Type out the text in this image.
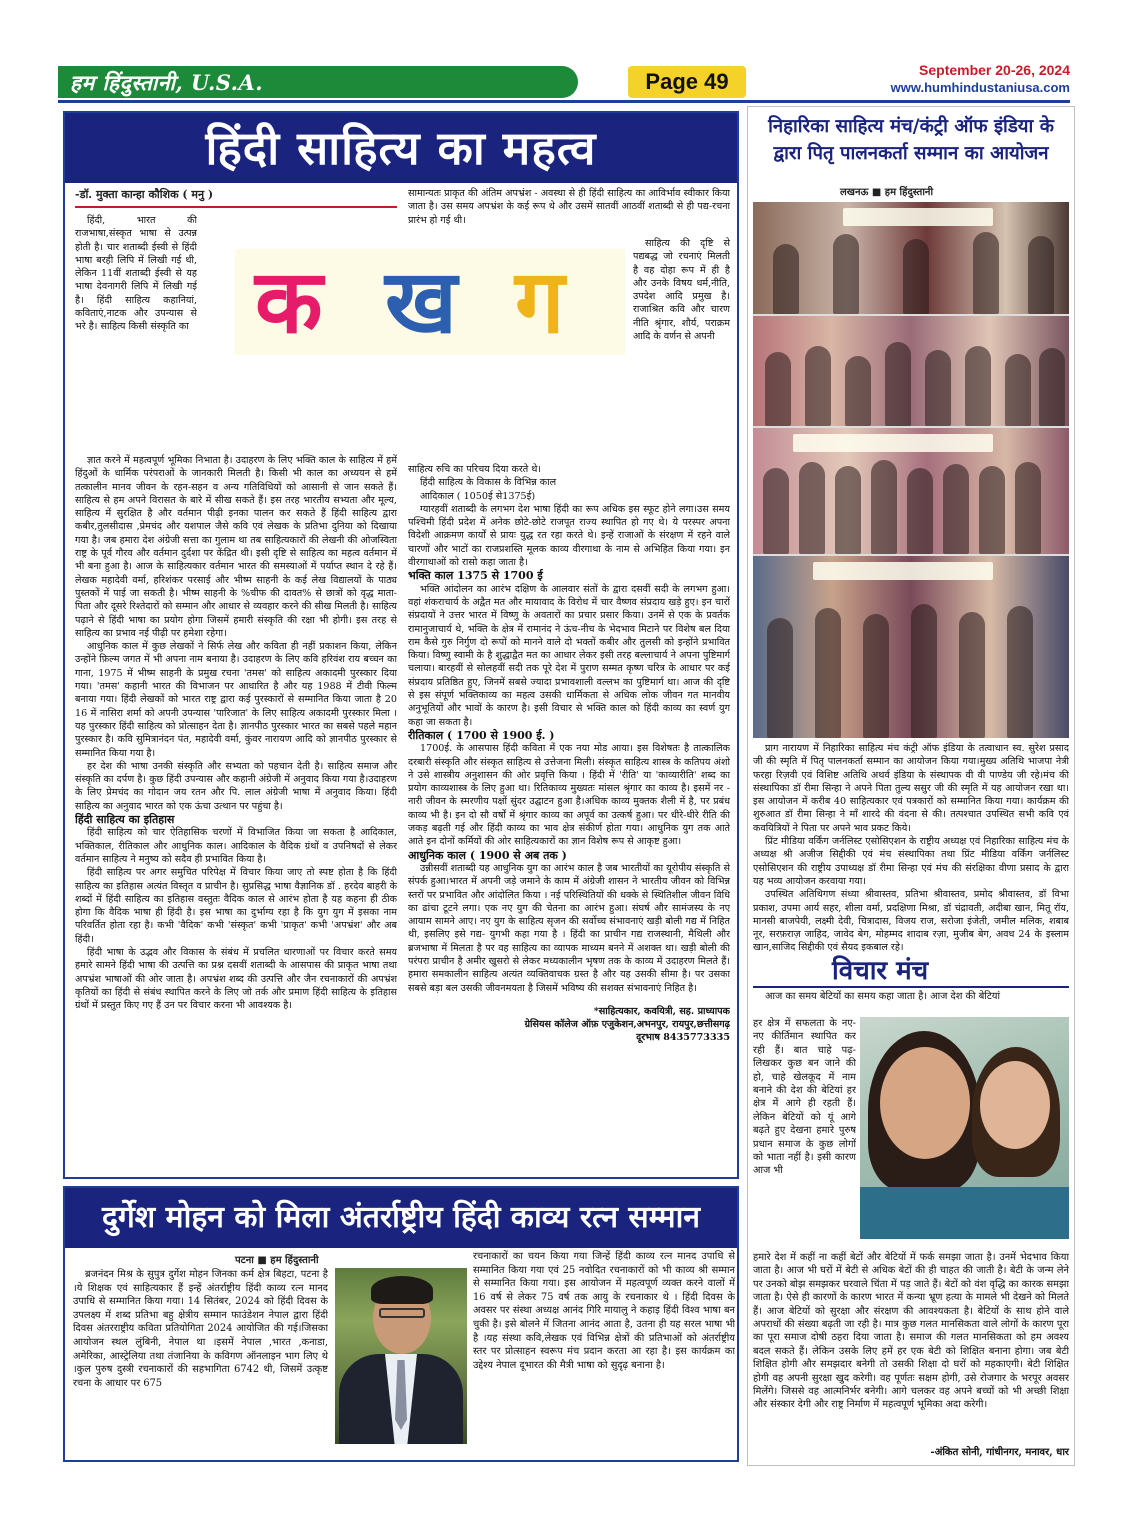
हम हिंदुस्तानी, U.S.A.	Page 49	September 20-26, 2024
www.humhindustaniusa.com
हिंदी साहित्य का महत्व
-डॉ. मुक्ता कान्हा कौशिक ( मनु )

हिंदी, भारत की राजभाषा,संस्कृत भाषा से उत्पन्न होती है। चार शताब्दी ईस्वी से हिंदी भाषा बरही लिपि में लिखी गई थी, लेकिन 11वीं शताब्दी ईस्वी से यह भाषा देवनागरी लिपि में लिखी गई है। हिंदी साहित्य कहानियां, कविताएं,नाटक और उपन्यास से भरे है। साहित्य किसी संस्कृति का क ख ग

ज्ञात करने में महत्वपूर्ण भूमिका निभाता है। उदाहरण के लिए भक्ति काल के साहित्य में हमें हिंदुओं के धार्मिक परंपराओं के जानकारी मिलती है। किसी भी काल का अध्ययन से हमें तत्कालीन मानव जीवन के रहन-सहन व अन्य गतिविधियों को आसानी से जान सकते हैं। साहित्य से हम अपने विरासत के बारे में सीख सकते हैं। इस तरह भारतीय सभ्यता और मूल्य, साहित्य में सुरक्षित है और वर्तमान पीढ़ी इनका पालन कर सकते हैं हिंदी साहित्य द्वारा कबीर,तुलसीदास ,प्रेमचंद और यशपाल जैसे कवि एवं लेखक के प्रतिभा दुनिया को दिखाया गया है। जब हमारा देश अंग्रेजी सत्ता का गुलाम था तब साहित्यकारों की लेखनी की ओजस्विता राष्ट्र के पूर्व गौरव और वर्तमान दुर्दशा पर केंद्रित थी। इसी दृष्टि से साहित्य का महत्व वर्तमान में भी बना हुआ है। आज के साहित्यकार वर्तमान भारत की समस्याओं में पर्याप्त स्थान दे रहे हैं। लेखक महादेवी वर्मा, हरिशंकर परसाई और भीष्म साहनी के कई लेख विद्यालयों के पाठ्य पुस्तकों में पाई जा सकती है। भीष्म साहनी के %चीफ की दावत% से छात्रों को वृद्ध माता-पिता और दूसरे रिश्तेदारों को सम्मान और आधार से व्यवहार करने की सीख मिलती है। साहित्य पढ़ाने से हिंदी भाषा का प्रयोग होगा जिसमें हमारी संस्कृति की रक्षा भी होगी। इस तरह से साहित्य का प्रभाव नई पीढ़ी पर हमेशा रहेगा।

आधुनिक काल में कुछ लेखकों ने सिर्फ लेख और कविता ही नहीं प्रकाशन किया, लेकिन उन्होंने फ़िल्म जगत में भी अपना नाम बनाया है। उदाहरण के लिए कवि हरिवंश राय बच्चन का गाना, 1975 में भीष्म साहनी के प्रमुख रचना 'तमस' को साहित्य अकादमी पुरस्कार दिया गया। 'तमस' कहानी भारत की विभाजन पर आधारित है और यह 1988 में टीवी फिल्म बनाया गया। हिंदी लेखकों को भारत राष्ट्र द्वारा कई पुरस्कारों से सम्मानित किया जाता है 20 16 में नासिरा शर्मा को अपनी उपन्यास 'पारिजात' के लिए साहित्य अकादमी पुरस्कार मिला ।यह पुरस्कार हिंदी साहित्य को प्रोत्साहन देता है। ज्ञानपीठ पुरस्कार भारत का सबसे पहले महान पुरस्कार है। कवि सुमित्रानंदन पंत, महादेवी वर्मा, कुंवर नारायण आदि को ज्ञानपीठ पुरस्कार से सम्मानित किया गया है।

हर देश की भाषा उनकी संस्कृति और सभ्यता को पहचान देती है। साहित्य समाज और संस्कृति का दर्पण है। कुछ हिंदी उपन्यास और कहानी अंग्रेजी में अनुवाद किया गया है।उदाहरण के लिए प्रेमचंद का गोदान जय रतन और पि. लाल अंग्रेजी भाषा में अनुवाद किया। हिंदी साहित्य का अनुवाद भारत को एक ऊंचा उत्थान पर पहुंचा है।

हिंदी साहित्य का इतिहास

हिंदी साहित्य को चार ऐतिहासिक चरणों में विभाजित किया जा सकता है आदिकाल, भक्तिकाल, रीतिकाल और आधुनिक काल। आदिकाल के वैदिक ग्रंथों व उपनिषदों से लेकर वर्तमान साहित्य ने मनुष्य को सदैव ही प्रभावित किया है।

हिंदी साहित्य पर अगर समुचित परिपेक्ष में विचार किया जाए तो स्पष्ट होता है कि हिंदी साहित्य का इतिहास अत्यंत विस्तृत व प्राचीन है। सुप्रसिद्ध भाषा वैज्ञानिक डॉ . हरदेव बाहरी के शब्दों में हिंदी साहित्य का इतिहास वस्तुतः वैदिक काल से आरंभ होता है यह कहना ही ठीक होगा कि वैदिक भाषा ही हिंदी है। इस भाषा का दुर्भाग्य रहा है कि युग युग में इसका नाम परिवर्तित होता रहा है। कभी 'वैदिक' कभी 'संस्कृत' कभी 'प्राकृत' कभी 'अपभ्रंश' और अब हिंदी।

हिंदी भाषा के उद्भव और विकास के संबंध में प्रचलित धारणाओं पर विचार करते समय हमारे सामने हिंदी भाषा की उत्पत्ति का प्रश्न दसवीं शताब्दी के आसपास की प्राकृत भाषा तथा अपभ्रंश भाषाओं की ओर जाता है। अपभ्रंश शब्द की उत्पत्ति और जैन रचनाकारों की अपभ्रंश कृतियों का हिंदी से संबंध स्थापित करने के लिए जो तर्क और प्रमाण हिंदी साहित्य के इतिहास ग्रंथों में प्रस्तुत किए गए हैं उन पर विचार करना भी आवश्यक है।

सामान्यतः प्राकृत की अंतिम अपभ्रंश - अवस्था से ही हिंदी साहित्य का आविर्भाव स्वीकार किया जाता है। उस समय अपभ्रंश के कई रूप थे और उसमें सातवीं आठवीं शताब्दी से ही पद्य-रचना प्रारंभ हो गई थी।

साहित्य की दृष्टि से पद्यबद्ध जो रचनाएं मिलती है वह दोहा रूप में ही है और उनके विषय धर्म,नीति, उपदेश आदि प्रमुख है। राजाश्रित कवि और चारण नीति श्रृंगार, शौर्य, पराक्रम आदि के वर्णन से अपनी

साहित्य रुचि का परिचय दिया करते थे।

हिंदी साहित्य के विकास के विभिन्न काल

आदिकाल ( 1050ई से1375ई)

ग्यारहवीं शताब्दी के लगभग देश भाषा हिंदी का रूप अधिक इस स्फूट होने लगा।उस समय पश्चिमी हिंदी प्रदेश में अनेक छोटे-छोटे राजपूत राज्य स्थापित हो गए थे। ये परस्पर अपना विदेशी आक्रमण कार्यों से प्रायः युद्ध रत रहा करते थे। इन्हें राजाओं के संरक्षण में रहने वाले चारणों और भाटों का राजप्रशस्ति मूलक काव्य वीरगाथा के नाम से अभिहित किया गया। इन वीरगाथाओं को रासो कहा जाता है।

भक्ति काल 1375 से 1700 ई

भक्ति आंदोलन का आरंभ दक्षिण के आलवार संतों के द्वारा दसवीं सदी के लगभग हुआ। वहां शंकराचार्य के अद्वैत मत और मायावाद के विरोध में चार वैष्णव संप्रदाय खड़े हुए। इन चारों संप्रदायों ने उत्तर भारत में विष्णु के अवतारों का प्रचार प्रसार किया। उनमें से एक के प्रवर्तक रामानुजाचार्य थे, भक्ति के क्षेत्र में रामानंद ने ऊंच-नीच के भेदभाव मिटाने पर विशेष बल दिया राम कैसे गुरु निर्गुण दो रूपों को मानने वाले दो भक्तों कबीर और तुलसी को इन्होंने प्रभावित किया। विष्णु स्वामी के है शुद्धाद्वैत मत का आधार लेकर इसी तरह बल्लाचार्य ने अपना पुष्टिमार्ग चलाया। बारहवीं से सोलहवीं सदी तक पूरे देश में पुराण सम्मत कृष्ण चरित्र के आधार पर कई संप्रदाय प्रतिष्ठित हुए, जिनमें सबसे ज्यादा प्रभावशाली वल्लभ का पुष्टिमार्ग था। आज की दृष्टि से इस संपूर्ण भक्तिकाव्य का महत्व उसकी धार्मिकता से अधिक लोक जीवन गत मानवीय अनुभूतियों और भावों के कारण है। इसी विचार से भक्ति काल को हिंदी काव्य का स्वर्ण युग कहा जा सकता है।

रीतिकाल ( 1700 से 1900 ई. )

1700ई. के आसपास हिंदी कविता में एक नया मोड आया। इस विशेषतः है तात्कालिक दरबारी संस्कृति और संस्कृत साहित्य से उत्तेजना मिली। संस्कृत साहित्य शास्त्र के कतिपय अंशो ने उसे शास्त्रीय अनुशासन की ओर प्रवृत्ति किया । हिंदी में 'रीति' या 'काव्यारीति' शब्द का प्रयोग काव्यशास्त्र के लिए हुआ था। रितिकाव्य मुख्यतः मांसल श्रृंगार का काव्य है। इसमें नर - नारी जीवन के स्मरणीय पक्षों सुंदर उद्घाटन हुआ है।अधिक काव्य मुक्तक शैली में है, पर प्रबंध काव्य भी है। इन दो सौ वर्षों में श्रृंगार काव्य का अपूर्व का उत्कर्ष हुआ। पर धीरे-धीरे रीति की जकड़ बढ़ती गई और हिंदी काव्य का भाव क्षेत्र संकीर्ण होता गया। आधुनिक युग तक आते आते इन दोनों कर्मियों की ओर साहित्यकारों का ज्ञान विशेष रूप से आकृष्ट हुआ।

आधुनिक काल ( 1900 से अब तक )

उन्नीसवीं शताब्दी यह आधुनिक युग का आरंभ काल है जब भारतीयों का यूरोपीय संस्कृति से संपर्क हुआ।भारत में अपनी जड़े जमाने के काम में अंग्रेजी शासन ने भारतीय जीवन को विभिन्न स्तरों पर प्रभावित और आंदोलित किया । नई परिस्थितियों की धक्के से स्थितिशील जीवन विधि का ढांचा टूटने लगा। एक नए युग की चेतना का आरंभ हुआ। संघर्ष और सामंजस्य के नए आयाम सामने आए। नए युग के साहित्य सृजन की सर्वोच्च संभावनाएं खड़ी बोली गद्य में निहित थी, इसलिए इसे गद्य- युगभी कहा गया है । हिंदी का प्राचीन गद्य राजस्थानी, मैथिली और ब्रजभाषा में मिलता है पर वह साहित्य का व्यापक माध्यम बनने में अशक्त था। खड़ी बोली की परंपरा प्राचीन है अमीर खुसरो से लेकर मध्यकालीन भृषण तक के काव्य में उदाहरण मिलते हैं। हमारा समकालीन साहित्य अत्यंत व्यक्तिवाचक ग्रस्त है और यह उसकी सीमा है। पर उसका सबसे बड़ा बल उसकी जीवनमयता है जिसमें भविष्य की सशक्त संभावनाएं निहित है।

*साहित्यकार, कवयित्री, सह. प्राध्यापक
ग्रेसियस कॉलेज ऑफ़ एजुकेशन,अभनपुर, रायपुर,छत्तीसगढ़
दूरभाष 8435773335
दुर्गेश मोहन को मिला अंतर्राष्ट्रीय हिंदी काव्य रत्न सम्मान
पटना ■ हम हिंदुस्तानी

ब्रजनंदन मिश्र के सुपुत्र दुर्गेश मोहन जिनका कर्म क्षेत्र बिहटा, पटना है ।ये शिक्षक एवं साहित्यकार हैं इन्हें अंतर्राष्ट्रीय हिंदी काव्य रत्न मानद उपाधि से सम्मानित किया गया। 14 सितंबर, 2024 को हिंदी दिवस के उपलक्ष्य में शब्द प्रतिभा बहु क्षेत्रीय सम्मान फाउंडेशन नेपाल द्वारा हिंदी दिवस अंतरराष्ट्रीय कविता प्रतियोगिता 2024 आयोजित की गई।जिसका आयोजन स्थल लुंबिनी, नेपाल था ।इसमें नेपाल ,भारत ,कनाडा, अमेरिका, आस्ट्रेलिया तथा तंजानिया के कविगण ऑनलाइन भाग लिए थे ।कुल पुरुष दुस्त्री रचनाकारों की सहभागिता 6742 थी, जिसमें उत्कृष्ट रचना के आधार पर 675

रचनाकारों का चयन किया गया जिन्हें हिंदी काव्य रत्न मानद उपाधि से सम्मानित किया गया एवं 25 नवोदित रचनाकारों को भी काव्य श्री सम्मान से सम्मानित किया गया। इस आयोजन में महत्वपूर्ण व्यक्त करने वालों में 16 वर्ष से लेकर 75 वर्ष तक आयु के रचनाकार थे । हिंदी दिवस के अवसर पर संस्था अध्यक्ष आनंद गिरि मायालु ने कहाइ हिंदी विश्व भाषा बन चुकी है। इसे बोलने में जितना आनंद आता है, उतना ही यह सरल भाषा भी है ।यह संस्था कवि,लेखक एवं विभिन्न क्षेत्रों की प्रतिभाओं को अंतर्राष्ट्रीय स्तर पर प्रोत्साहन स्वरूप मंच प्रदान करता आ रहा है। इस कार्यक्रम का उद्देश्य नेपाल दूभारत की मैत्री भाषा को सुदृढ़ बनाना है।

निहारिका साहित्य मंच/कंट्री ऑफ इंडिया के द्वारा पितृ पालनकर्ता सम्मान का आयोजन
लखनऊ ■ हम हिंदुस्तानी

प्राग नारायण में निहारिका साहित्य मंच कंट्री ऑफ इंडिया के तत्वाधान स्व. सुरेश प्रसाद जी की स्मृति में पितृ पालनकर्ता सम्मान का आयोजन किया गया।मुख्य अतिथि भाजपा नेत्री फरहा रिज़वी एवं विशिष्ट अतिथि अथर्व इंडिया के संस्थापक वी वी पाण्डेय जी रहे।मंच की संस्थापिका डॉ रीमा सिन्हा ने अपने पिता तुल्य ससुर जी की स्मृति में यह आयोजन रखा था। इस आयोजन में करीब 40 साहित्यकार एवं पत्रकारों को सम्मानित किया गया। कार्यक्रम की शुरुआत डॉ रीमा सिन्हा ने माँ शारदे की वंदना से की। तत्पश्चात उपस्थित सभी कवि एवं कवयित्रियों ने पिता पर अपने भाव प्रकट किये।

प्रिंट मीडिया वर्किंग जर्नलिस्ट एसोसिएशन के राष्ट्रीय अध्यक्ष एवं निहारिका साहित्य मंच के अध्यक्ष श्री अजीज सिद्दीकी एवं मंच संस्थापिका तथा प्रिंट मीडिया वर्किंग जर्नलिस्ट एसोसिएशन की राष्ट्रीय उपाध्यक्ष डॉ रीमा सिन्हा एवं मंच की संरक्षिका वीणा प्रसाद के द्वारा यह भव्य आयोजन करवाया गया।

उपस्थित अतिथिगण संध्या श्रीवास्तव, प्रतिभा श्रीवास्तव, प्रमोद श्रीवास्तव, डॉ विभा प्रकाश, उपमा आर्य सहर, शीला वर्मा, प्रदक्षिणा मिश्रा, डॉ चंद्रावती, अदीबा खान, मितू रॉय, मानसी बाजपेयी, लक्ष्मी देवी, चित्रादास, विजय राज, सरोजा इंजेती, जमील मलिक, शबाब नूर, सरफ़राज़ जाहिद, जावेद बेग, मोहम्मद शादाब रज़ा, मुजीब बेग, अवध 24 के इस्लाम खान,साजिद सिद्दीकी एवं सैयद इकबाल रहे।

विचार मंच

आज का समय बेटियों का समय कहा जाता है। आज देश की बेटियां

हर क्षेत्र में सफलता के नए-नए कीर्तिमान स्थापित कर रही हैं। बात चाहे पढ़-लिखकर कुछ बन जाने की हो, चाहे खेलकूद में नाम बनाने की देश की बेटियां हर क्षेत्र में आगे ही रहती हैं। लेकिन बेटियों को यूं आगे बढ़ते हुए देखना हमारे पुरुष प्रधान समाज के कुछ लोगों को भाता नहीं है। इसी कारण आज भी

हमारे देश में कहीं ना कहीं बेटों और बेटियों में फर्क समझा जाता है। उनमें भेदभाव किया जाता है। आज भी घरों में बेटी से अधिक बेटों की ही चाहत की जाती है। बेटी के जन्म लेने पर उनको बोझ समझकर घरवाले चिंता में पड़ जाते हैं। बेटों को वंश वृद्धि का कारक समझा जाता है। ऐसे ही कारणों के कारण भारत में कन्या भ्रूण हत्या के मामले भी देखने को मिलते हैं। आज बेटियों को सुरक्षा और संरक्षण की आवश्यकता है। बेटियों के साथ होने वाले अपराधों की संख्या बढ़ती जा रही है। मात्र कुछ गलत मानसिकता वाले लोगों के कारण पूरा का पूरा समाज दोषी ठहरा दिया जाता है। समाज की गलत मानसिकता को हम अवश्य बदल सकते हैं। लेकिन उसके लिए हमें हर एक बेटी को शिक्षित बनाना होगा। जब बेटी शिक्षित होगी और समझदार बनेगी तो उसकी शिक्षा दो घरों को महकाएगी। बेटी शिक्षित होगी वह अपनी सुरक्षा खुद करेगी। वह पूर्णतः सक्षम होगी, उसे रोजगार के भरपूर अवसर मिलेंगे। जिससे वह आत्मनिर्भर बनेगी। आगे चलकर वह अपने बच्चों को भी अच्छी शिक्षा और संस्कार देगी और राष्ट्र निर्माण में महत्वपूर्ण भूमिका अदा करेगी।

-अंकित सोनी, गांधीनगर, मनावर, धार
